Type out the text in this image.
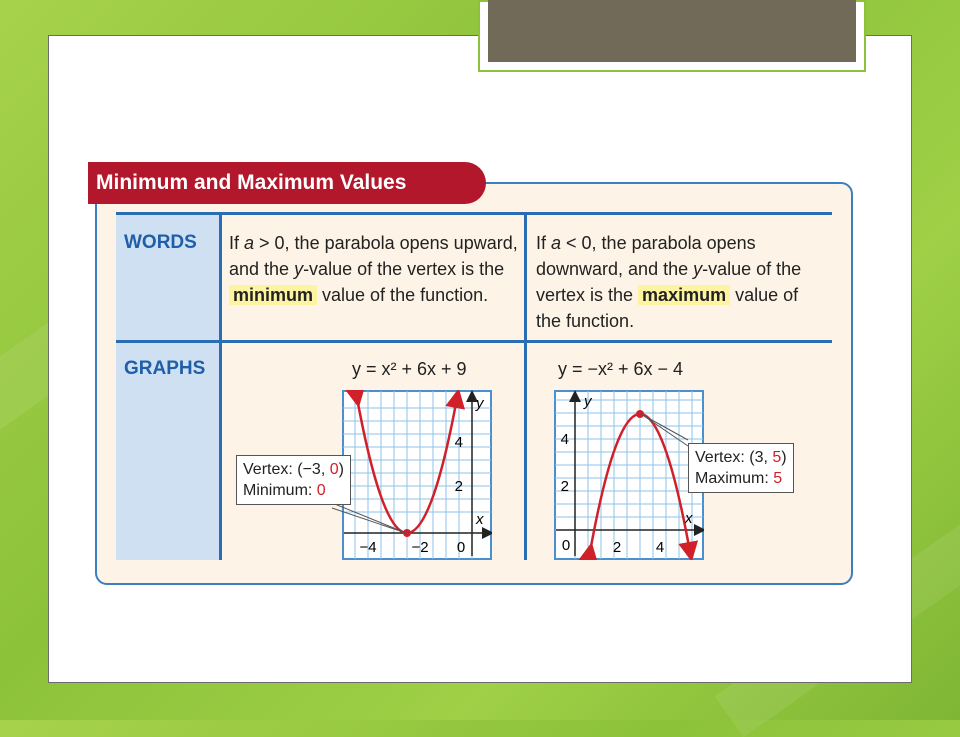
Minimum and Maximum Values
WORDS
GRAPHS
If a > 0, the parabola opens upward, and the y-value of the vertex is the minimum value of the function.
If a < 0, the parabola opens downward, and the y-value of the vertex is the maximum value of the function.
y = x² + 6x + 9	y = −x² + 6x − 4
−4 −2 0
2
4
x
y
Vertex: (−3, 0)
Minimum: 0
0	2 4
2
4
x
y
Vertex: (3, 5)
Maximum: 5
